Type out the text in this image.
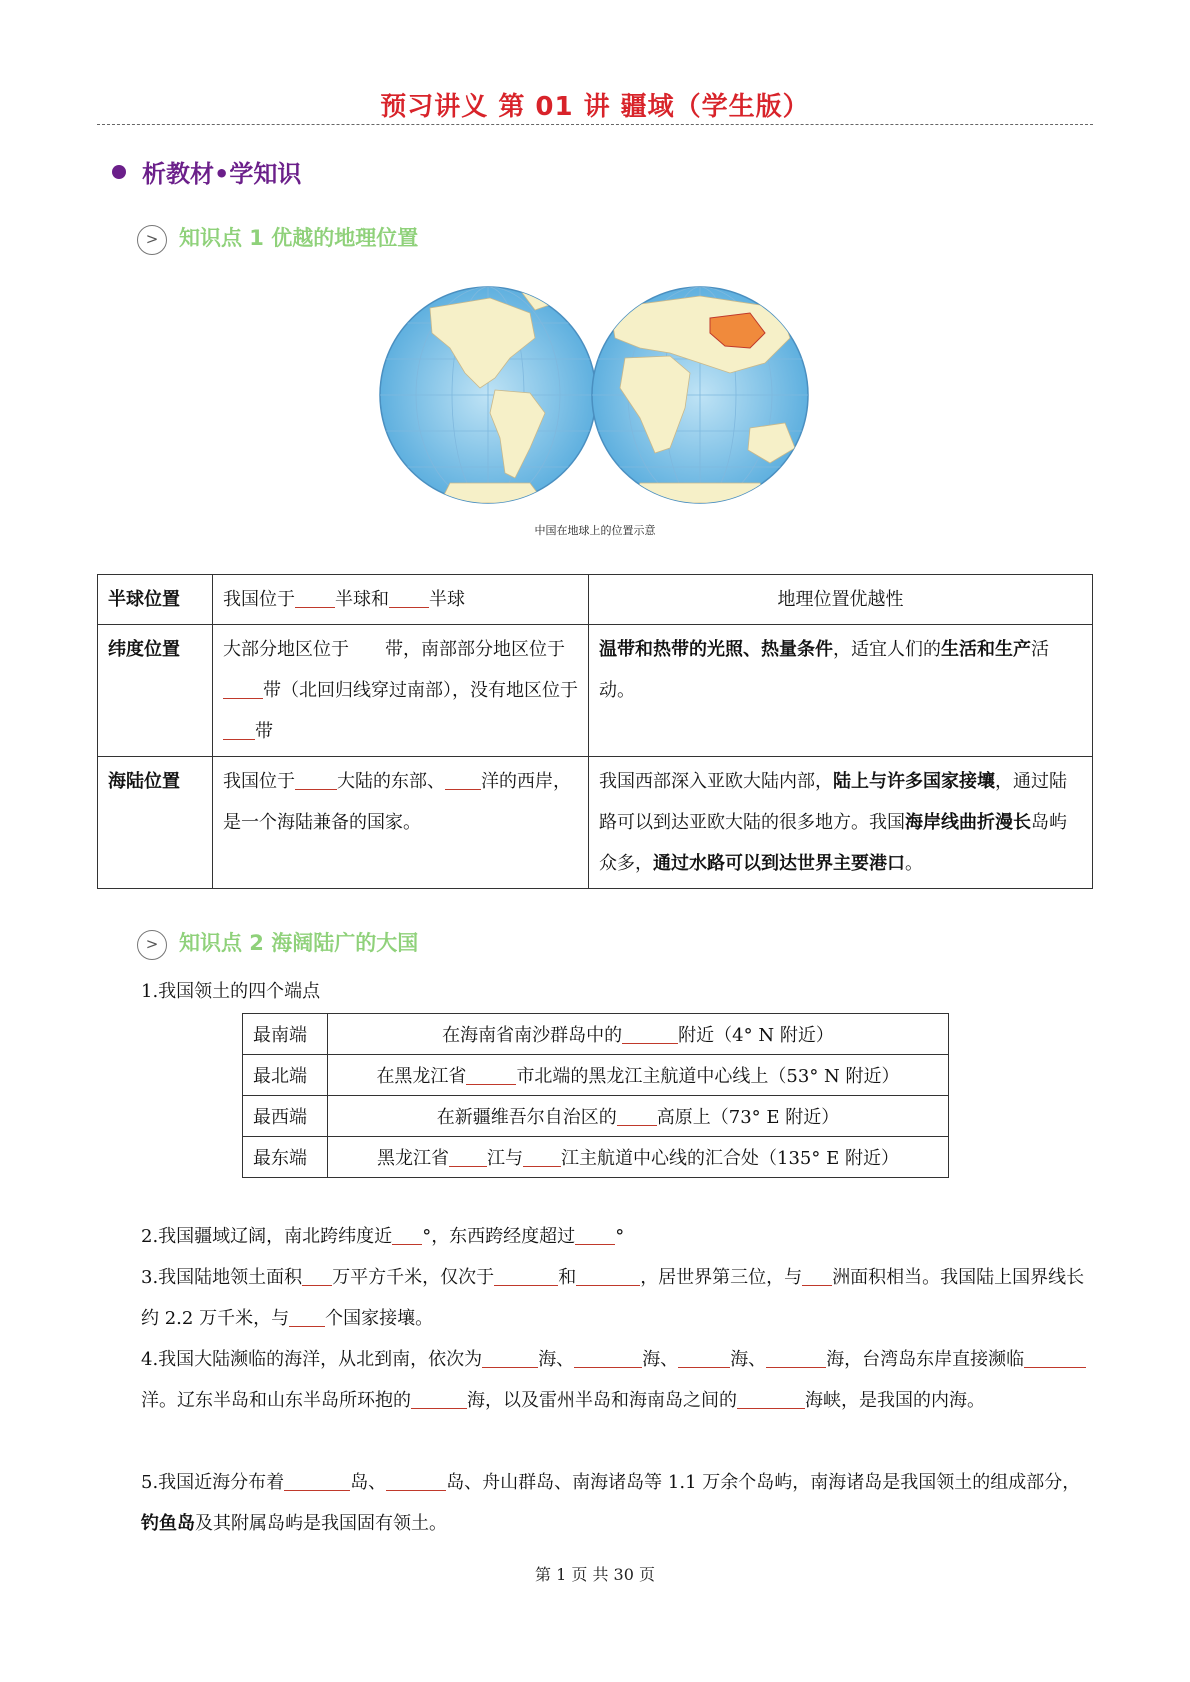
预习讲义 第 01 讲 疆域（学生版）
析教材•学知识
> 知识点 1 优越的地理位置
中国在地球上的位置示意
半球位置	我国位于 半球和 半球	地理位置优越性
纬度位置	大部分地区位于 带，南部部分地区位于带（北回归线穿过南部），没有地区位于带	温带和热带的光照、热量条件，适宜人们的生活和生产活动。
海陆位置	我国位于 大陆的东部、 洋的西岸，是一个海陆兼备的国家。	我国西部深入亚欧大陆内部，陆上与许多国家接壤，通过陆路可以到达亚欧大陆的很多地方。我国海岸线曲折漫长岛屿众多，通过水路可以到达世界主要港口。
> 知识点 2 海阔陆广的大国
1.我国领土的四个端点
最南端	在海南省南沙群岛中的 附近（4° N 附近）
最北端	在黑龙江省 市北端的黑龙江主航道中心线上（53° N 附近）
最西端	在新疆维吾尔自治区的 高原上（73° E 附近）
最东端	黑龙江省 江与 江主航道中心线的汇合处（135° E 附近）
2.我国疆域辽阔，南北跨纬度近 °，东西跨经度超过 °
3.我国陆地领土面积 万平方千米，仅次于	和	，居世界第三位，与 洲面积相当。我国陆上国界线长约 2.2 万千米，与 个国家接壤。
4.我国大陆濒临的海洋，从北到南，依次为	海、	海、	海、	海，台湾岛东岸直接濒临洋。辽东半岛和山东半岛所环抱的	海，以及雷州半岛和海南岛之间的	海峡，是我国的内海。
5.我国近海分布着	岛、	岛、舟山群岛、南海诸岛等 1.1 万余个岛屿，南海诸岛是我国领土的组成部分，钓鱼岛及其附属岛屿是我国固有领土。
第 1 页 共 30 页
